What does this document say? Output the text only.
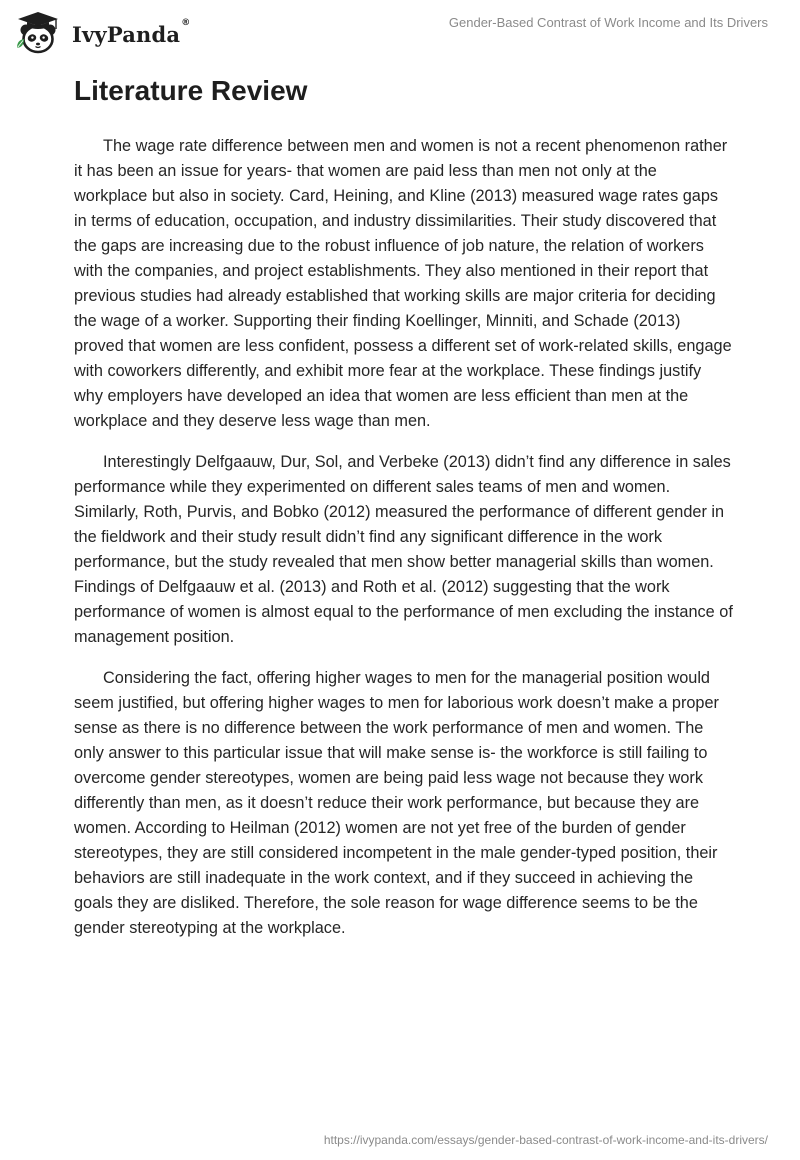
IvyPanda®	Gender-Based Contrast of Work Income and Its Drivers
Literature Review

The wage rate difference between men and women is not a recent phenomenon rather it has been an issue for years- that women are paid less than men not only at the workplace but also in society. Card, Heining, and Kline (2013) measured wage rates gaps in terms of education, occupation, and industry dissimilarities. Their study discovered that the gaps are increasing due to the robust influence of job nature, the relation of workers with the companies, and project establishments. They also mentioned in their report that previous studies had already established that working skills are major criteria for deciding the wage of a worker. Supporting their finding Koellinger, Minniti, and Schade (2013) proved that women are less confident, possess a different set of work-related skills, engage with coworkers differently, and exhibit more fear at the workplace. These findings justify why employers have developed an idea that women are less efficient than men at the workplace and they deserve less wage than men.

Interestingly Delfgaauw, Dur, Sol, and Verbeke (2013) didn’t find any difference in sales performance while they experimented on different sales teams of men and women. Similarly, Roth, Purvis, and Bobko (2012) measured the performance of different gender in the fieldwork and their study result didn’t find any significant difference in the work performance, but the study revealed that men show better managerial skills than women. Findings of Delfgaauw et al. (2013) and Roth et al. (2012) suggesting that the work performance of women is almost equal to the performance of men excluding the instance of management position.

Considering the fact, offering higher wages to men for the managerial position would seem justified, but offering higher wages to men for laborious work doesn’t make a proper sense as there is no difference between the work performance of men and women. The only answer to this particular issue that will make sense is- the workforce is still failing to overcome gender stereotypes, women are being paid less wage not because they work differently than men, as it doesn’t reduce their work performance, but because they are women. According to Heilman (2012) women are not yet free of the burden of gender stereotypes, they are still considered incompetent in the male gender-typed position, their behaviors are still inadequate in the work context, and if they succeed in achieving the goals they are disliked. Therefore, the sole reason for wage difference seems to be the gender stereotyping at the workplace.

https://ivypanda.com/essays/gender-based-contrast-of-work-income-and-its-drivers/
